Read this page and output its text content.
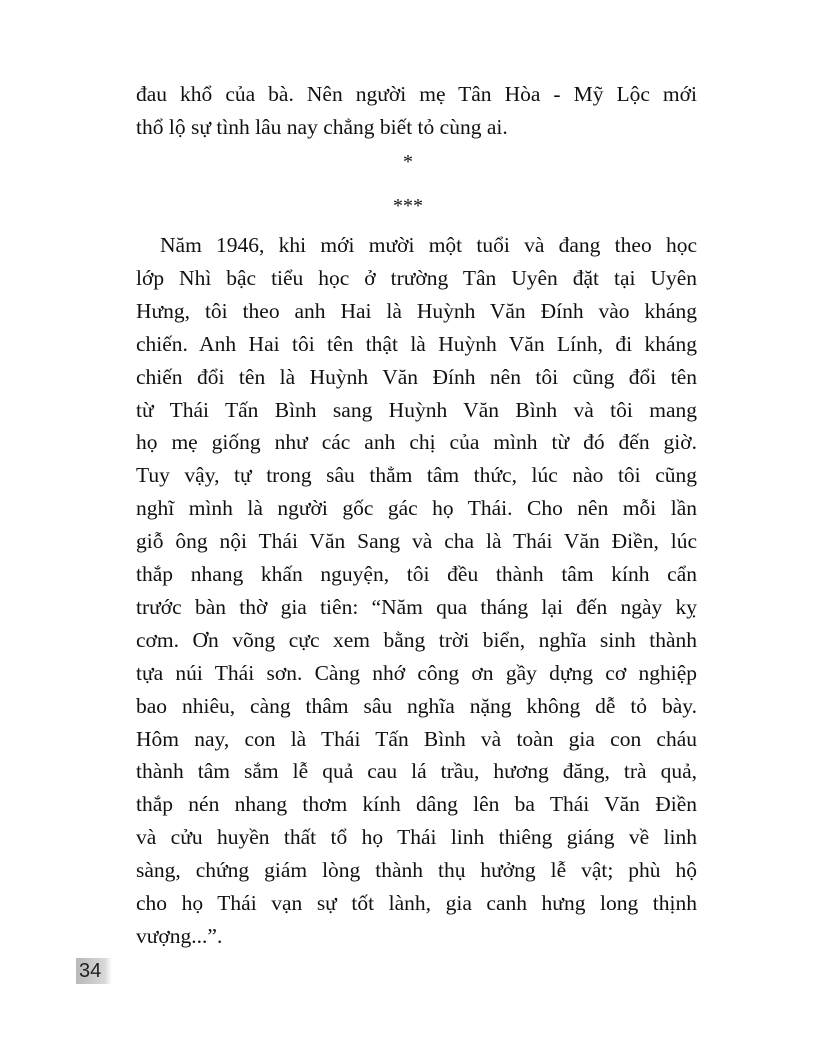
đau khổ của bà. Nên người mẹ Tân Hòa - Mỹ Lộc mới
thổ lộ sự tình lâu nay chẳng biết tỏ cùng ai.
*
***
Năm 1946, khi mới mười một tuổi và đang theo học
lớp Nhì bậc tiểu học ở trường Tân Uyên đặt tại Uyên
Hưng, tôi theo anh Hai là Huỳnh Văn Đính vào kháng
chiến. Anh Hai tôi tên thật là Huỳnh Văn Lính, đi kháng
chiến đổi tên là Huỳnh Văn Đính nên tôi cũng đổi tên
từ Thái Tấn Bình sang Huỳnh Văn Bình và tôi mang
họ mẹ giống như các anh chị của mình từ đó đến giờ.
Tuy vậy, tự trong sâu thẳm tâm thức, lúc nào tôi cũng
nghĩ mình là người gốc gác họ Thái. Cho nên mỗi lần
giỗ ông nội Thái Văn Sang và cha là Thái Văn Điền, lúc
thắp nhang khấn nguyện, tôi đều thành tâm kính cẩn
trước bàn thờ gia tiên: “Năm qua tháng lại đến ngày kỵ
cơm. Ơn võng cực xem bằng trời biển, nghĩa sinh thành
tựa núi Thái sơn. Càng nhớ công ơn gầy dựng cơ nghiệp
bao nhiêu, càng thâm sâu nghĩa nặng không dễ tỏ bày.
Hôm nay, con là Thái Tấn Bình và toàn gia con cháu
thành tâm sắm lễ quả cau lá trầu, hương đăng, trà quả,
thắp nén nhang thơm kính dâng lên ba Thái Văn Điền
và cửu huyền thất tổ họ Thái linh thiêng giáng về linh
sàng, chứng giám lòng thành thụ hưởng lễ vật; phù hộ
cho họ Thái vạn sự tốt lành, gia canh hưng long thịnh
vượng...”.
34
